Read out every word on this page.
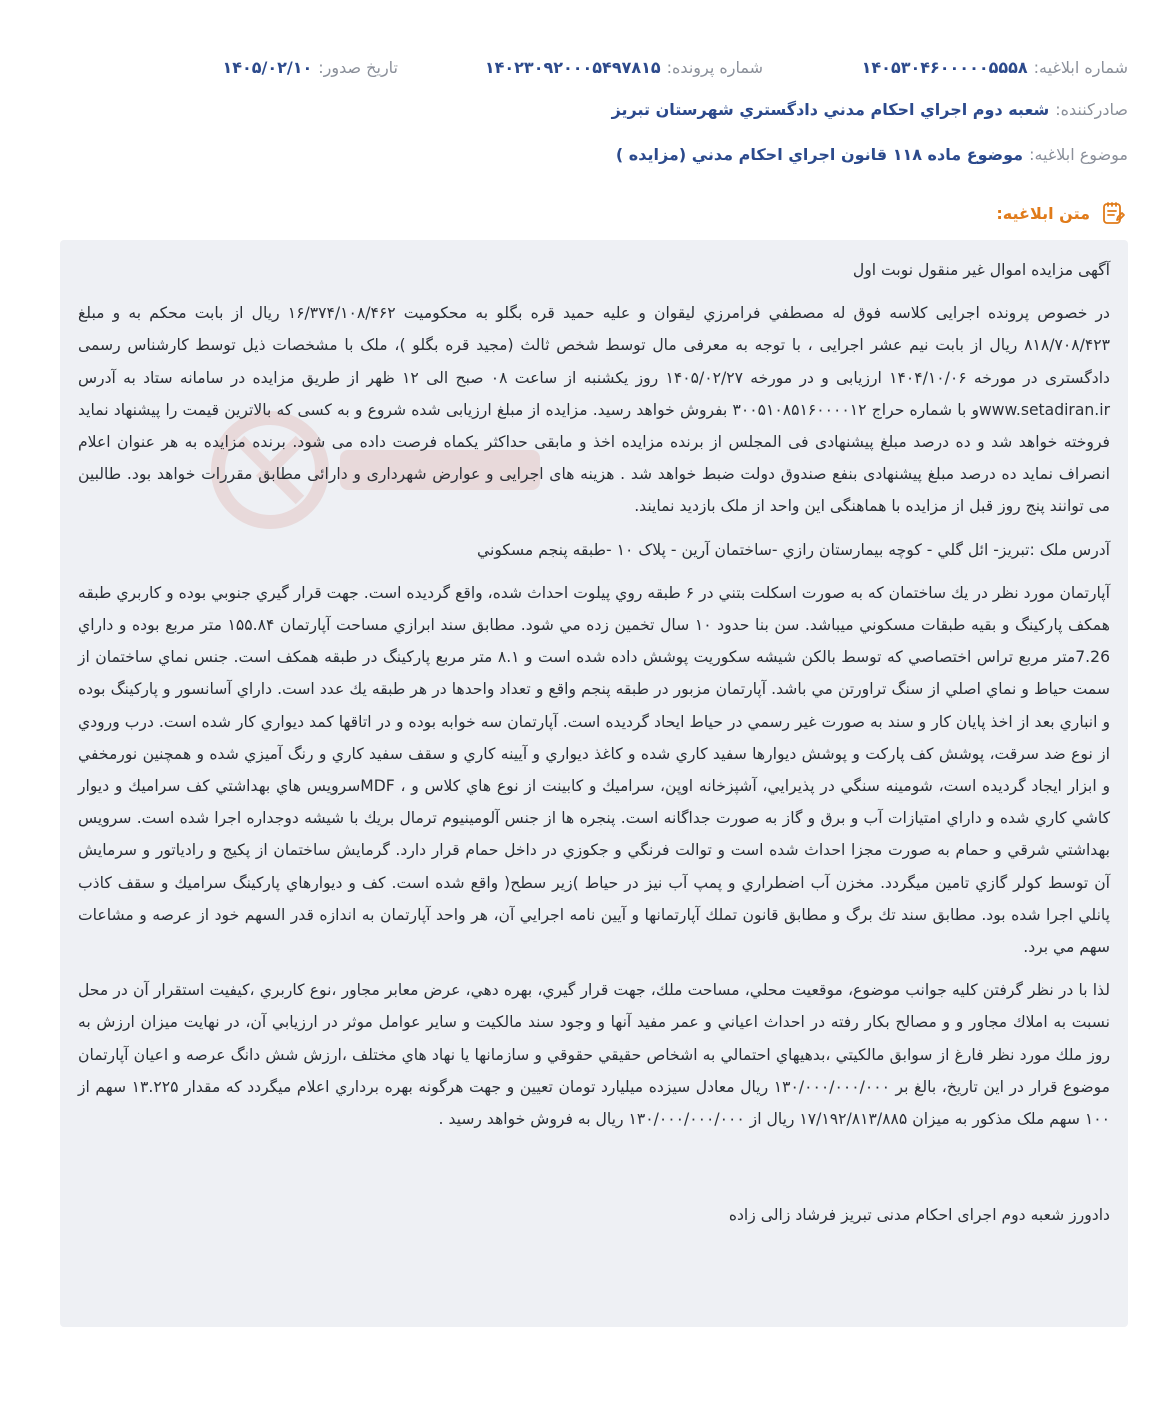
شماره ابلاغيه:۱۴۰۵۳۰۴۶۰۰۰۰۰۵۵۵۸
شماره پرونده:۱۴۰۲۳۰۹۲۰۰۰۵۴۹۷۸۱۵
تاريخ صدور:۱۴۰۵/۰۲/۱۰
صادرکننده:شعبه دوم اجراي احکام مدني دادگستري شهرستان تبريز
موضوع ابلاغيه:موضوع ماده ۱۱۸ قانون اجراي احکام مدني (مزايده )
متن ابلاغيه:

آگهی مزایده اموال غیر منقول نوبت اول

در خصوص پرونده اجرایی کلاسه فوق له مصطفي فرامرزي ليقوان و عليه حميد قره بگلو به محکومیت ۱۶/۳۷۴/۱۰۸/۴۶۲ ريال از بابت محکم به و مبلغ ۸۱۸/۷۰۸/۴۲۳ ريال از بابت نیم عشر اجرایی ، با توجه به معرفی مال توسط شخص ثالث (مجید قره بگلو )، ملک با مشخصات ذیل توسط کارشناس رسمی دادگستری در مورخه ۱۴۰۴/۱۰/۰۶ ارزیابی و در مورخه ۱۴۰۵/۰۲/۲۷ روز یکشنبه از ساعت ۰۸ صبح الی ۱۲ ظهر از طریق مزایده در سامانه ستاد به آدرس www.setadiran.irو با شماره حراج ۳۰۰۵۱۰۸۵۱۶۰۰۰۰۱۲ بفروش خواهد رسید. مزایده از مبلغ ارزیابی شده شروع و به کسی که بالاترین قیمت را پیشنهاد نماید فروخته خواهد شد و ده درصد مبلغ پیشنهادی فی المجلس از برنده مزایده اخذ و مابقی حداکثر یکماه فرصت داده می شود. برنده مزایده به هر عنوان اعلام انصراف نماید ده درصد مبلغ پیشنهادی بنفع صندوق دولت ضبط خواهد شد . هزینه های اجرایی و عوارض شهرداری و دارائی مطابق مقررات خواهد بود. طالبین می توانند پنج روز قبل از مزایده با هماهنگی این واحد از ملک بازدید نمایند.

آدرس ملک :تبريز- ائل گلي - کوچه بيمارستان رازي -ساختمان آرين - پلاک ۱۰ -طبقه پنجم مسکوني

آپارتمان مورد نظر در يك ساختمان كه به صورت اسكلت بتني در ۶ طبقه روي پيلوت احداث شده، واقع گرديده است. جهت قرار گيري جنوبي بوده و كاربري طبقه همكف پاركينگ و بقيه طبقات مسكوني ميباشد. سن بنا حدود ۱۰ سال تخمين زده مي شود. مطابق سند ابرازي مساحت آپارتمان ۱۵۵.۸۴ متر مربع بوده و داراي 7.26متر مربع تراس اختصاصي كه توسط بالكن شيشه سكوريت پوشش داده شده است و ۸.۱ متر مربع پاركينگ در طبقه همكف است. جنس نماي ساختمان از سمت حياط و نماي اصلي از سنگ تراورتن مي باشد. آپارتمان مزبور در طبقه پنجم واقع و تعداد واحدها در هر طبقه يك عدد است. داراي آسانسور و پاركينگ بوده و انباري بعد از اخذ پايان كار و سند به صورت غير رسمي در حياط ايحاد گرديده است. آپارتمان سه خوابه بوده و در اتاقها كمد ديواري كار شده است. درب ورودي از نوع ضد سرقت، پوشش كف پاركت و پوشش ديوارها سفيد كاري شده و كاغذ ديواري و آيينه كاري و سقف سفيد كاري و رنگ آميزي شده و همچنين نورمخفي و ابزار ايجاد گرديده است، شومينه سنگي در پذيرايي، آشپزخانه اوپن، سراميك و كابينت از نوع هاي كلاس و ، MDFسرويس هاي بهداشتي كف سراميك و ديوار كاشي كاري شده و داراي امتيازات آب و برق و گاز به صورت جداگانه است. پنجره ها از جنس آلومينيوم ترمال بريك با شيشه دوجداره اجرا شده است. سرويس بهداشتي شرقي و حمام به صورت مجزا احداث شده است و توالت فرنگي و جكوزي در داخل حمام قرار دارد. گرمايش ساختمان از پكيج و رادياتور و سرمايش آن توسط كولر گازي تامين ميگردد. مخزن آب اضطراري و پمپ آب نيز در حياط )زير سطح( واقع شده است. كف و ديوارهاي پاركينگ سراميك و سقف كاذب پانلي اجرا شده بود. مطابق سند تك برگ و مطابق قانون تملك آپارتمانها و آيين نامه اجرايي آن، هر واحد آپارتمان به اندازه قدر السهم خود از عرصه و مشاعات سهم مي برد.

لذا با در نظر گرفتن كليه جوانب موضوع، موقعيت محلي، مساحت ملك، جهت قرار گيري، بهره دهي، عرض معابر مجاور ،نوع كاربري ،كيفيت استقرار آن در محل نسبت به املاك مجاور و و مصالح بكار رفته در احداث اعياني و عمر مفيد آنها و وجود سند مالكيت و ساير عوامل موثر در ارزيابي آن، در نهايت ميزان ارزش به روز ملك مورد نظر فارغ از سوابق مالكيتي ،بدهيهاي احتمالي به اشخاص حقيقي حقوقي و سازمانها يا نهاد هاي مختلف ،ارزش شش دانگ عرصه و اعيان آپارتمان موضوع قرار در اين تاريخ، بالغ بر ۱۳۰/۰۰۰/۰۰۰/۰۰۰ ريال معادل سیزده ميليارد تومان تعيين و جهت هرگونه بهره برداري اعلام ميگردد که مقدار ۱۳.۲۲۵ سهم از ۱۰۰ سهم ملک مذکور به میزان ۱۷/۱۹۲/۸۱۳/۸۸۵ ریال از ۱۳۰/۰۰۰/۰۰۰/۰۰۰ ریال به فروش خواهد رسید .

دادورز شعبه دوم اجرای احکام مدنی تبریز فرشاد زالی زاده
